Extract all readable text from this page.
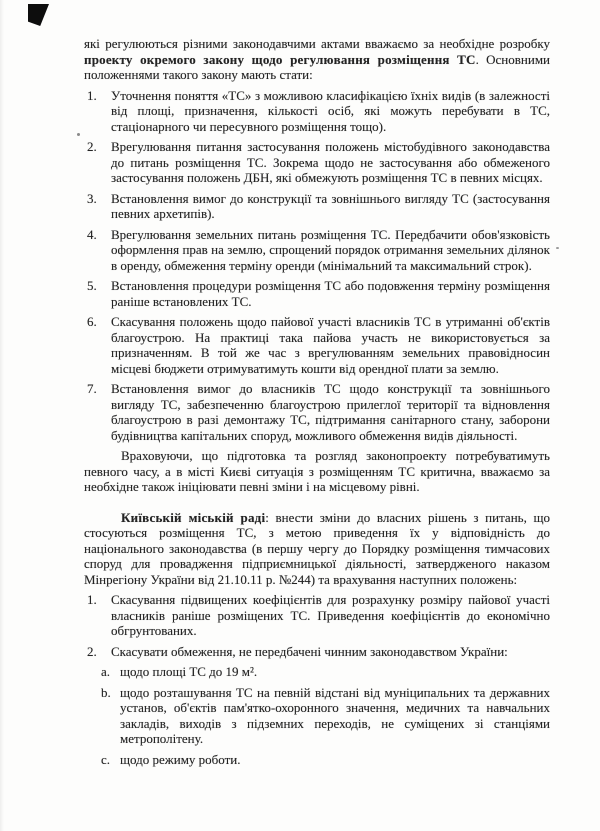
які регулюються різними законодавчими актами вважаємо за необхідне розробку проекту окремого закону щодо регулювання розміщення ТС. Основними положеннями такого закону мають стати:

1.	Уточнення поняття «ТС» з можливою класифікацією їхніх видів (в залежності від площі, призначення, кількості осіб, які можуть перебувати в ТС, стаціонарного чи пересувного розміщення тощо).
2.	Врегулювання питання застосування положень містобудівного законодавства до питань розміщення ТС. Зокрема щодо не застосування або обмеженого застосування положень ДБН, які обмежують розміщення ТС в певних місцях.
3.	Встановлення вимог до конструкції та зовнішнього вигляду ТС (застосування певних архетипів).
4.	Врегулювання земельних питань розміщення ТС. Передбачити обов'язковість оформлення прав на землю, спрощений порядок отримання земельних ділянок в оренду, обмеження терміну оренди (мінімальний та максимальний строк).
5.	Встановлення процедури розміщення ТС або подовження терміну розміщення раніше встановлених ТС.
6.	Скасування положень щодо пайової участі власників ТС в утриманні об'єктів благоустрою. На практиці така пайова участь не використовується за призначенням. В той же час з врегулюванням земельних правовідносин місцеві бюджети отримуватимуть кошти від орендної плати за землю.
7.	Встановлення вимог до власників ТС щодо конструкції та зовнішнього вигляду ТС, забезпеченню благоустрою прилеглої території та відновлення благоустрою в разі демонтажу ТС, підтримання санітарного стану, заборони будівництва капітальних споруд, можливого обмеження видів діяльності.

Враховуючи, що підготовка та розгляд законопроекту потребуватимуть певного часу, а в місті Києві ситуація з розміщенням ТС критична, вважаємо за необхідне також ініціювати певні зміни і на місцевому рівні.

Київській міській раді: внести зміни до власних рішень з питань, що стосуються розміщення ТС, з метою приведення їх у відповідність до національного законодавства (в першу чергу до Порядку розміщення тимчасових споруд для провадження підприємницької діяльності, затвердженого наказом Мінрегіону України від 21.10.11 р. №244) та врахування наступних положень:

1.	Скасування підвищених коефіцієнтів для розрахунку розміру пайової участі власників раніше розміщених ТС. Приведення коефіцієнтів до економічно обгрунтованих.
2.	Скасувати обмеження, не передбачені чинним законодавством України:
a. щодо площі ТС до 19 м².
b. щодо розташування ТС на певній відстані від муніципальних та державних установ, об'єктів пам'ятко-охоронного значення, медичних та навчальних закладів, виходів з підземних переходів, не суміщених зі станціями метрополітену.
c. щодо режиму роботи.
